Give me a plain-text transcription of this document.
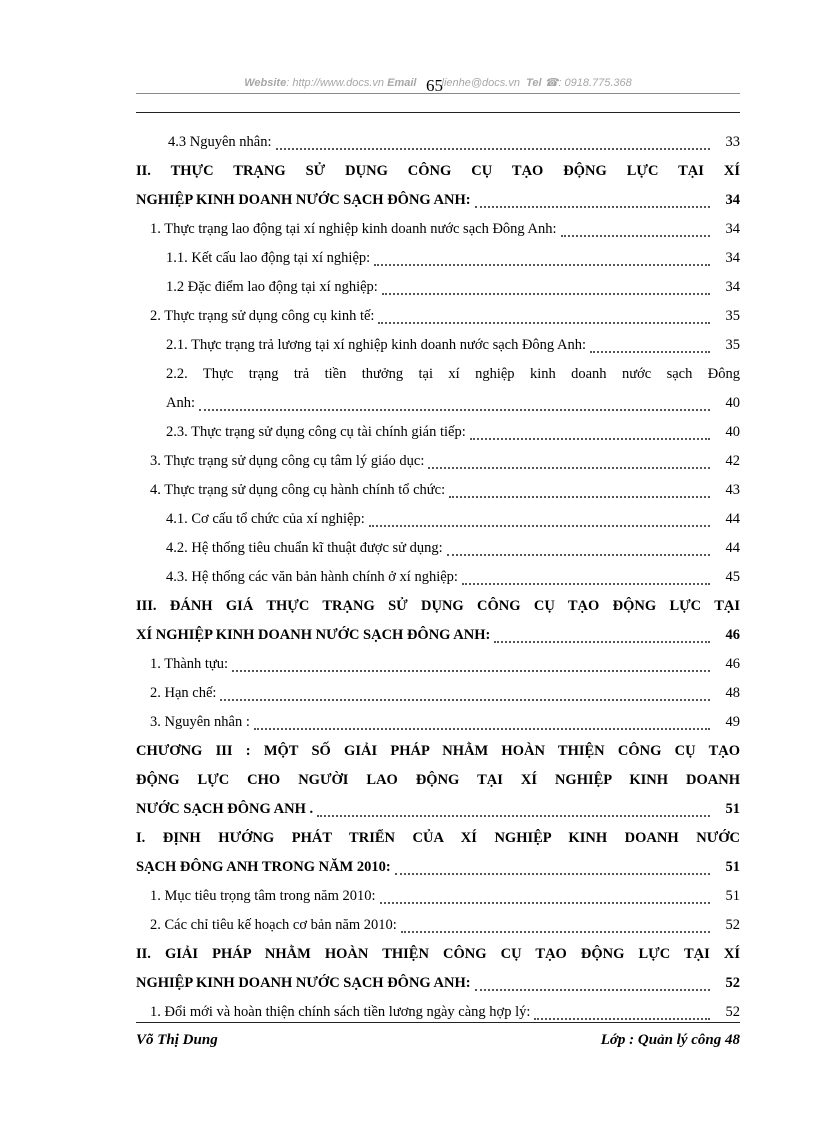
Website: http://www.docs.vn Email lienhe@docs.vn Tel ☎: 0918.775.368
65
4.3 Nguyên nhân:	33
II. THỰC TRẠNG SỬ DỤNG CÔNG CỤ TẠO ĐỘNG LỰC TẠI XÍ
NGHIỆP KINH DOANH NƯỚC SẠCH ĐÔNG ANH:	34
1. Thực trạng lao động tại xí nghiệp kinh doanh nước sạch Đông Anh:	34
1.1. Kết cấu lao động tại xí nghiệp:	34
1.2 Đặc điểm lao động tại xí nghiệp:	34
2. Thực trạng sử dụng công cụ kinh tế:	35
2.1. Thực trạng trả lương tại xí nghiệp kinh doanh nước sạch Đông Anh:	35
2.2. Thực trạng trả tiền thưởng tại xí nghiệp kinh doanh nước sạch Đông
Anh:	40
2.3. Thực trạng sử dụng công cụ tài chính gián tiếp:	40
3. Thực trạng sử dụng công cụ tâm lý giáo dục:	42
4. Thực trạng sử dụng công cụ hành chính tổ chức:	43
4.1. Cơ cấu tổ chức của xí nghiệp:	44
4.2. Hệ thống tiêu chuẩn kĩ thuật được sử dụng:	44
4.3. Hệ thống các văn bản hành chính ở xí nghiệp:	45
III. ĐÁNH GIÁ THỰC TRẠNG SỬ DỤNG CÔNG CỤ TẠO ĐỘNG LỰC TẠI
XÍ NGHIỆP KINH DOANH NƯỚC SẠCH ĐÔNG ANH:	46
1. Thành tựu:	46
2. Hạn chế:	48
3. Nguyên nhân :	49
CHƯƠNG III : MỘT SỐ GIẢI PHÁP NHẰM HOÀN THIỆN CÔNG CỤ TẠO
ĐỘNG LỰC CHO NGƯỜI LAO ĐỘNG TẠI XÍ NGHIỆP KINH DOANH
NƯỚC SẠCH ĐÔNG ANH .	51
I. ĐỊNH HƯỚNG PHÁT TRIỂN CỦA XÍ NGHIỆP KINH DOANH NƯỚC
SẠCH ĐÔNG ANH TRONG NĂM 2010:	51
1. Mục tiêu trọng tâm trong năm 2010:	51
2. Các chỉ tiêu kế hoạch cơ bản năm 2010:	52
II. GIẢI PHÁP NHẰM HOÀN THIỆN CÔNG CỤ TẠO ĐỘNG LỰC TẠI XÍ
NGHIỆP KINH DOANH NƯỚC SẠCH ĐÔNG ANH:	52
1. Đổi mới và hoàn thiện chính sách tiền lương ngày càng hợp lý:	52
Võ Thị Dung	Lớp : Quản lý công 48
